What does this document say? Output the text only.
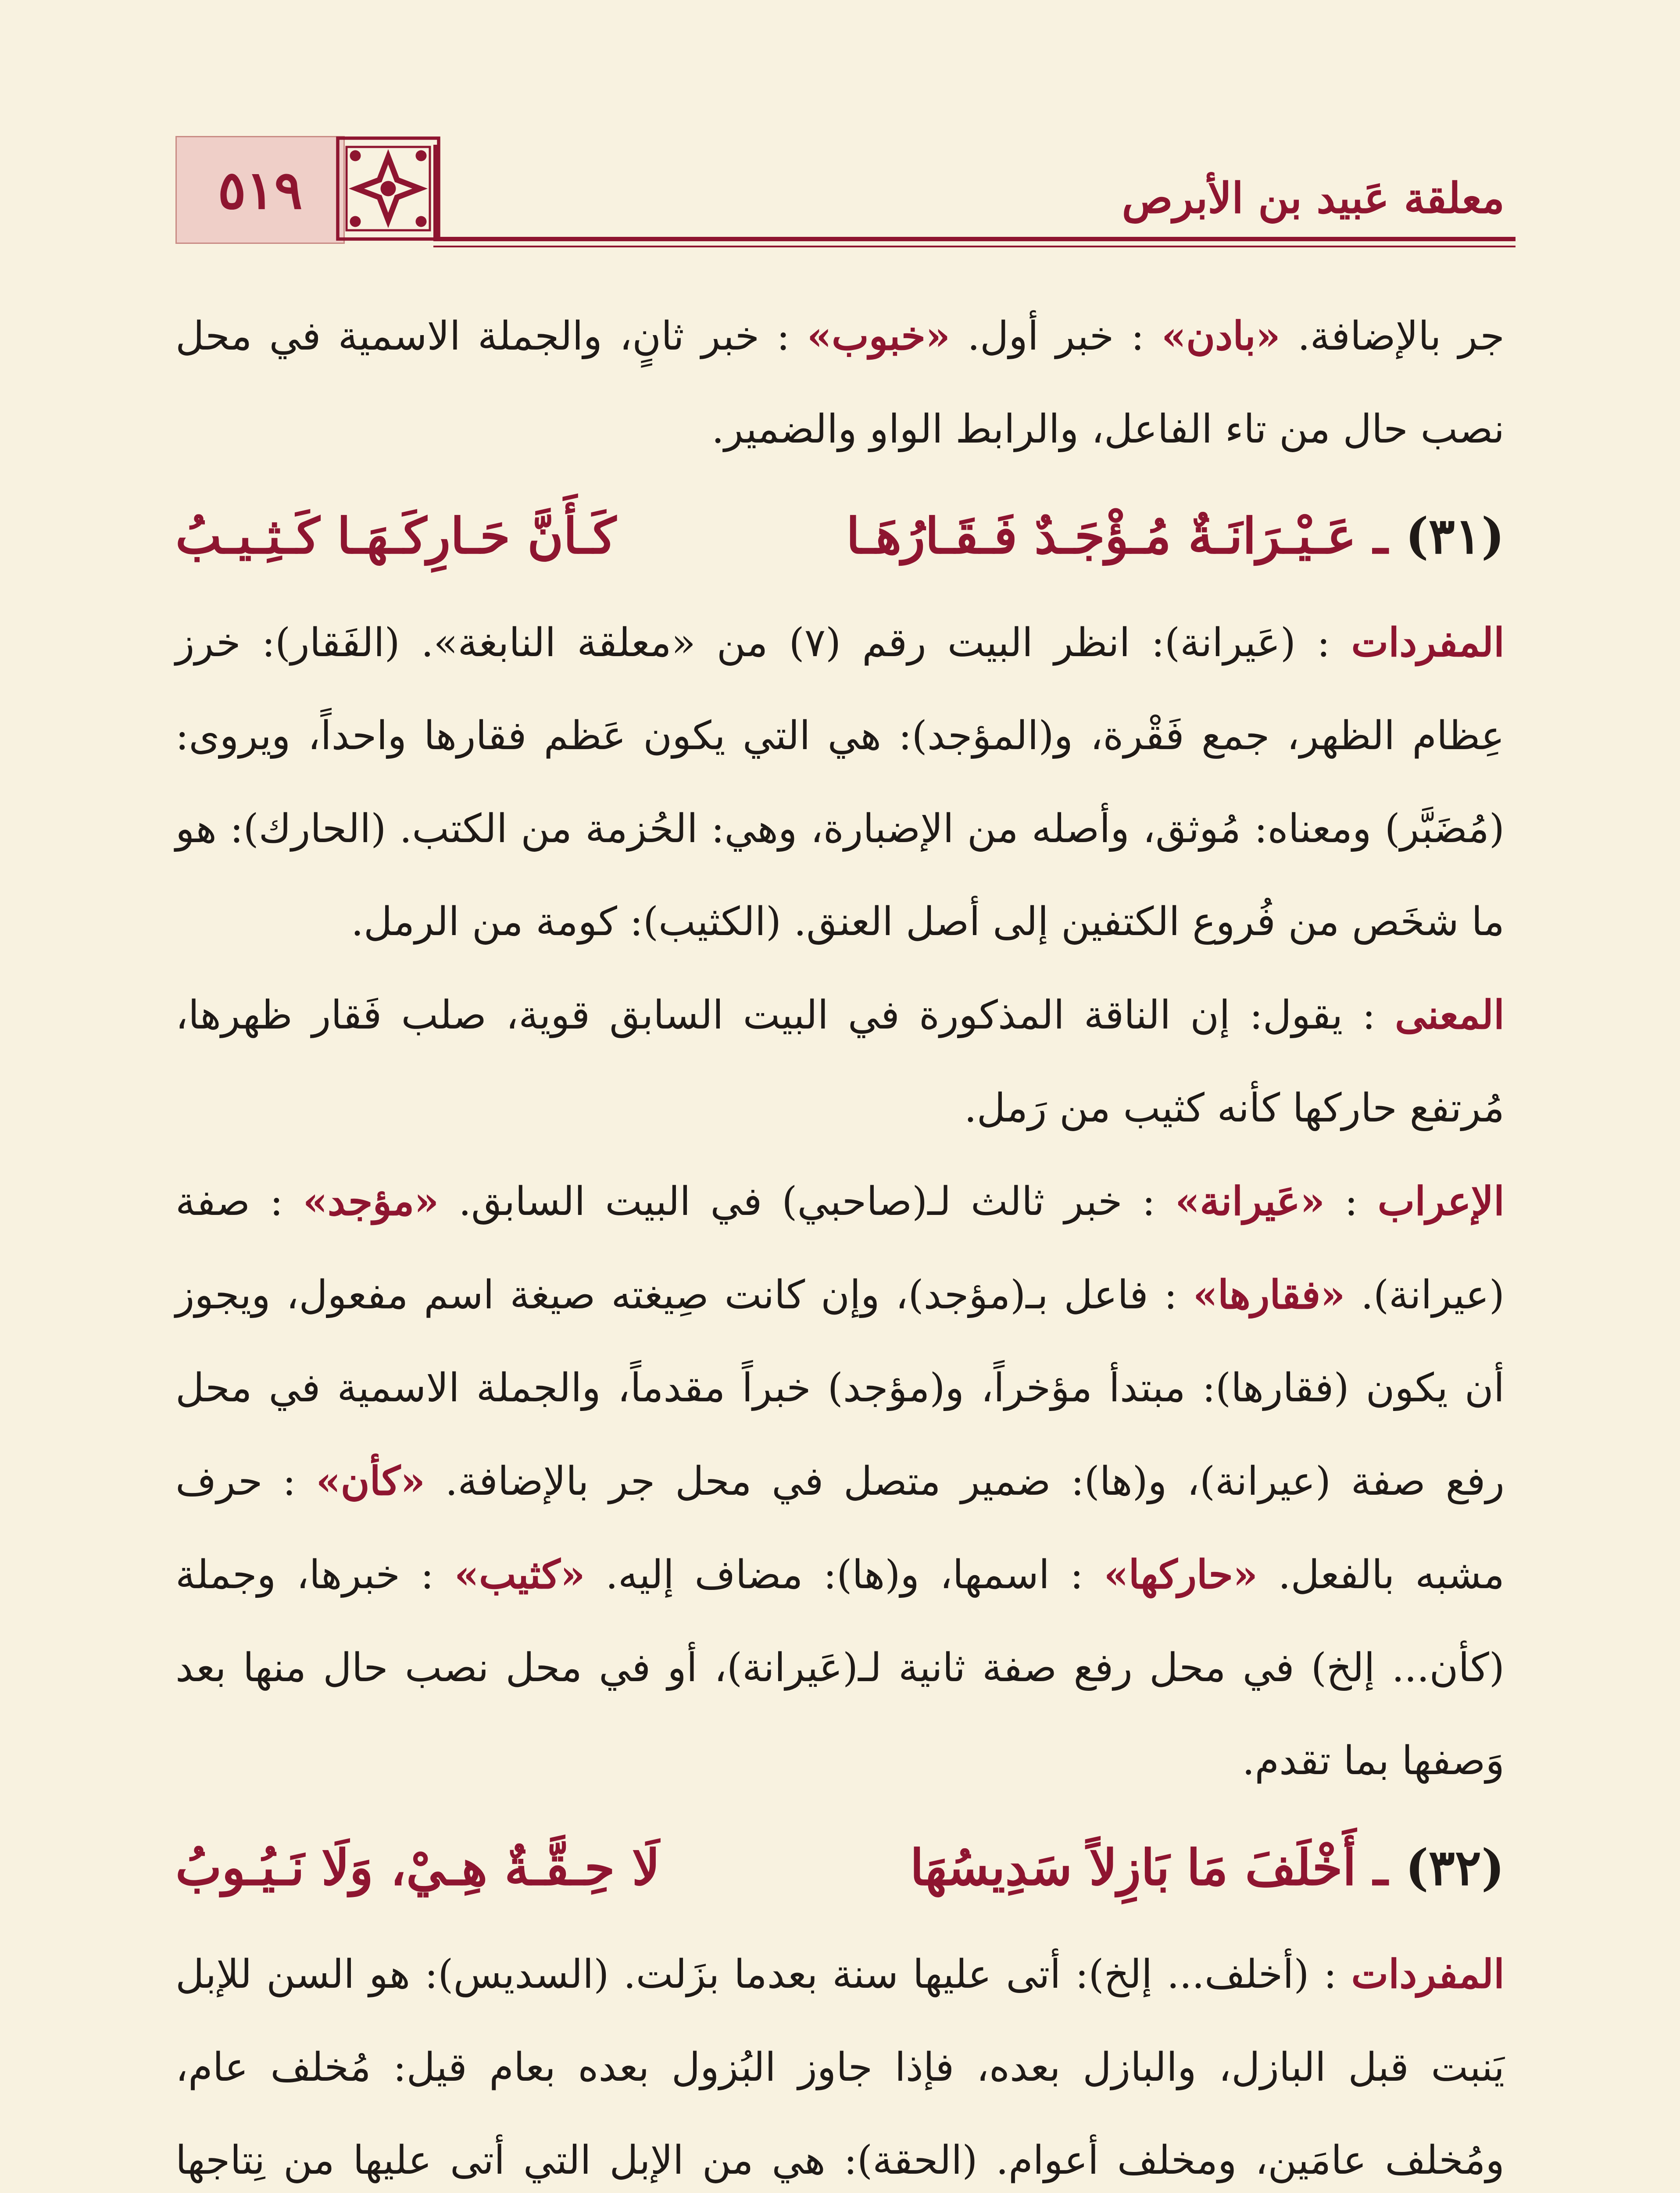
٥١٩	معلقة عَبيد بن الأبرص

جر بالإضافة. «بادن» : خبر أول. «خبوب» : خبر ثانٍ، والجملة الاسمية في محل نصب حال من تاء الفاعل، والرابط الواو والضمير.

(٣١)
ـ عَـيْـرَانَـةٌ مُـؤْجَـدٌ فَـقَـارُهَـا
كَـأَنَّ حَـارِكَـهَـا كَـثِـيـبُ

المفردات : (عَيرانة): انظر البيت رقم (٧) من «معلقة النابغة». (الفَقار): خرز عِظام الظهر، جمع فَقْرة، و(المؤجد): هي التي يكون عَظم فقارها واحداً، ويروى: (مُضَبَّر) ومعناه: مُوثق، وأصله من الإضبارة، وهي: الحُزمة من الكتب. (الحارك): هو ما شخَص من فُروع الكتفين إلى أصل العنق. (الكثيب): كومة من الرمل.

المعنى : يقول: إن الناقة المذكورة في البيت السابق قوية، صلب فَقار ظهرها، مُرتفع حاركها كأنه كثيب من رَمل.

الإعراب : «عَيرانة» : خبر ثالث لـ(صاحبي) في البيت السابق. «مؤجد» : صفة (عيرانة). «فقارها» : فاعل بـ(مؤجد)، وإن كانت صِيغته صيغة اسم مفعول، ويجوز أن يكون (فقارها): مبتدأ مؤخراً، و(مؤجد) خبراً مقدماً، والجملة الاسمية في محل رفع صفة (عيرانة)، و(ها): ضمير متصل في محل جر بالإضافة. «كأن» : حرف مشبه بالفعل. «حاركها» : اسمها، و(ها): مضاف إليه. «كثيب» : خبرها، وجملة (كأن... إلخ) في محل رفع صفة ثانية لـ(عَيرانة)، أو في محل نصب حال منها بعد وَصفها بما تقدم.

(٣٢)
ـ أَخْلَفَ مَا بَازِلاً سَدِيسُهَا
لَا حِـقَّـةٌ هِـيْ، وَلَا نَـيُـوبُ

المفردات : (أخلف... إلخ): أتى عليها سنة بعدما بزَلت. (السديس): هو السن للإبل يَنبت قبل البازل، والبازل بعده، فإذا جاوز البُزول بعده بعام قيل: مُخلف عام، ومُخلف عامَين، ومخلف أعوام. (الحقة): هي من الإبل التي أتى عليها من نِتاجها
